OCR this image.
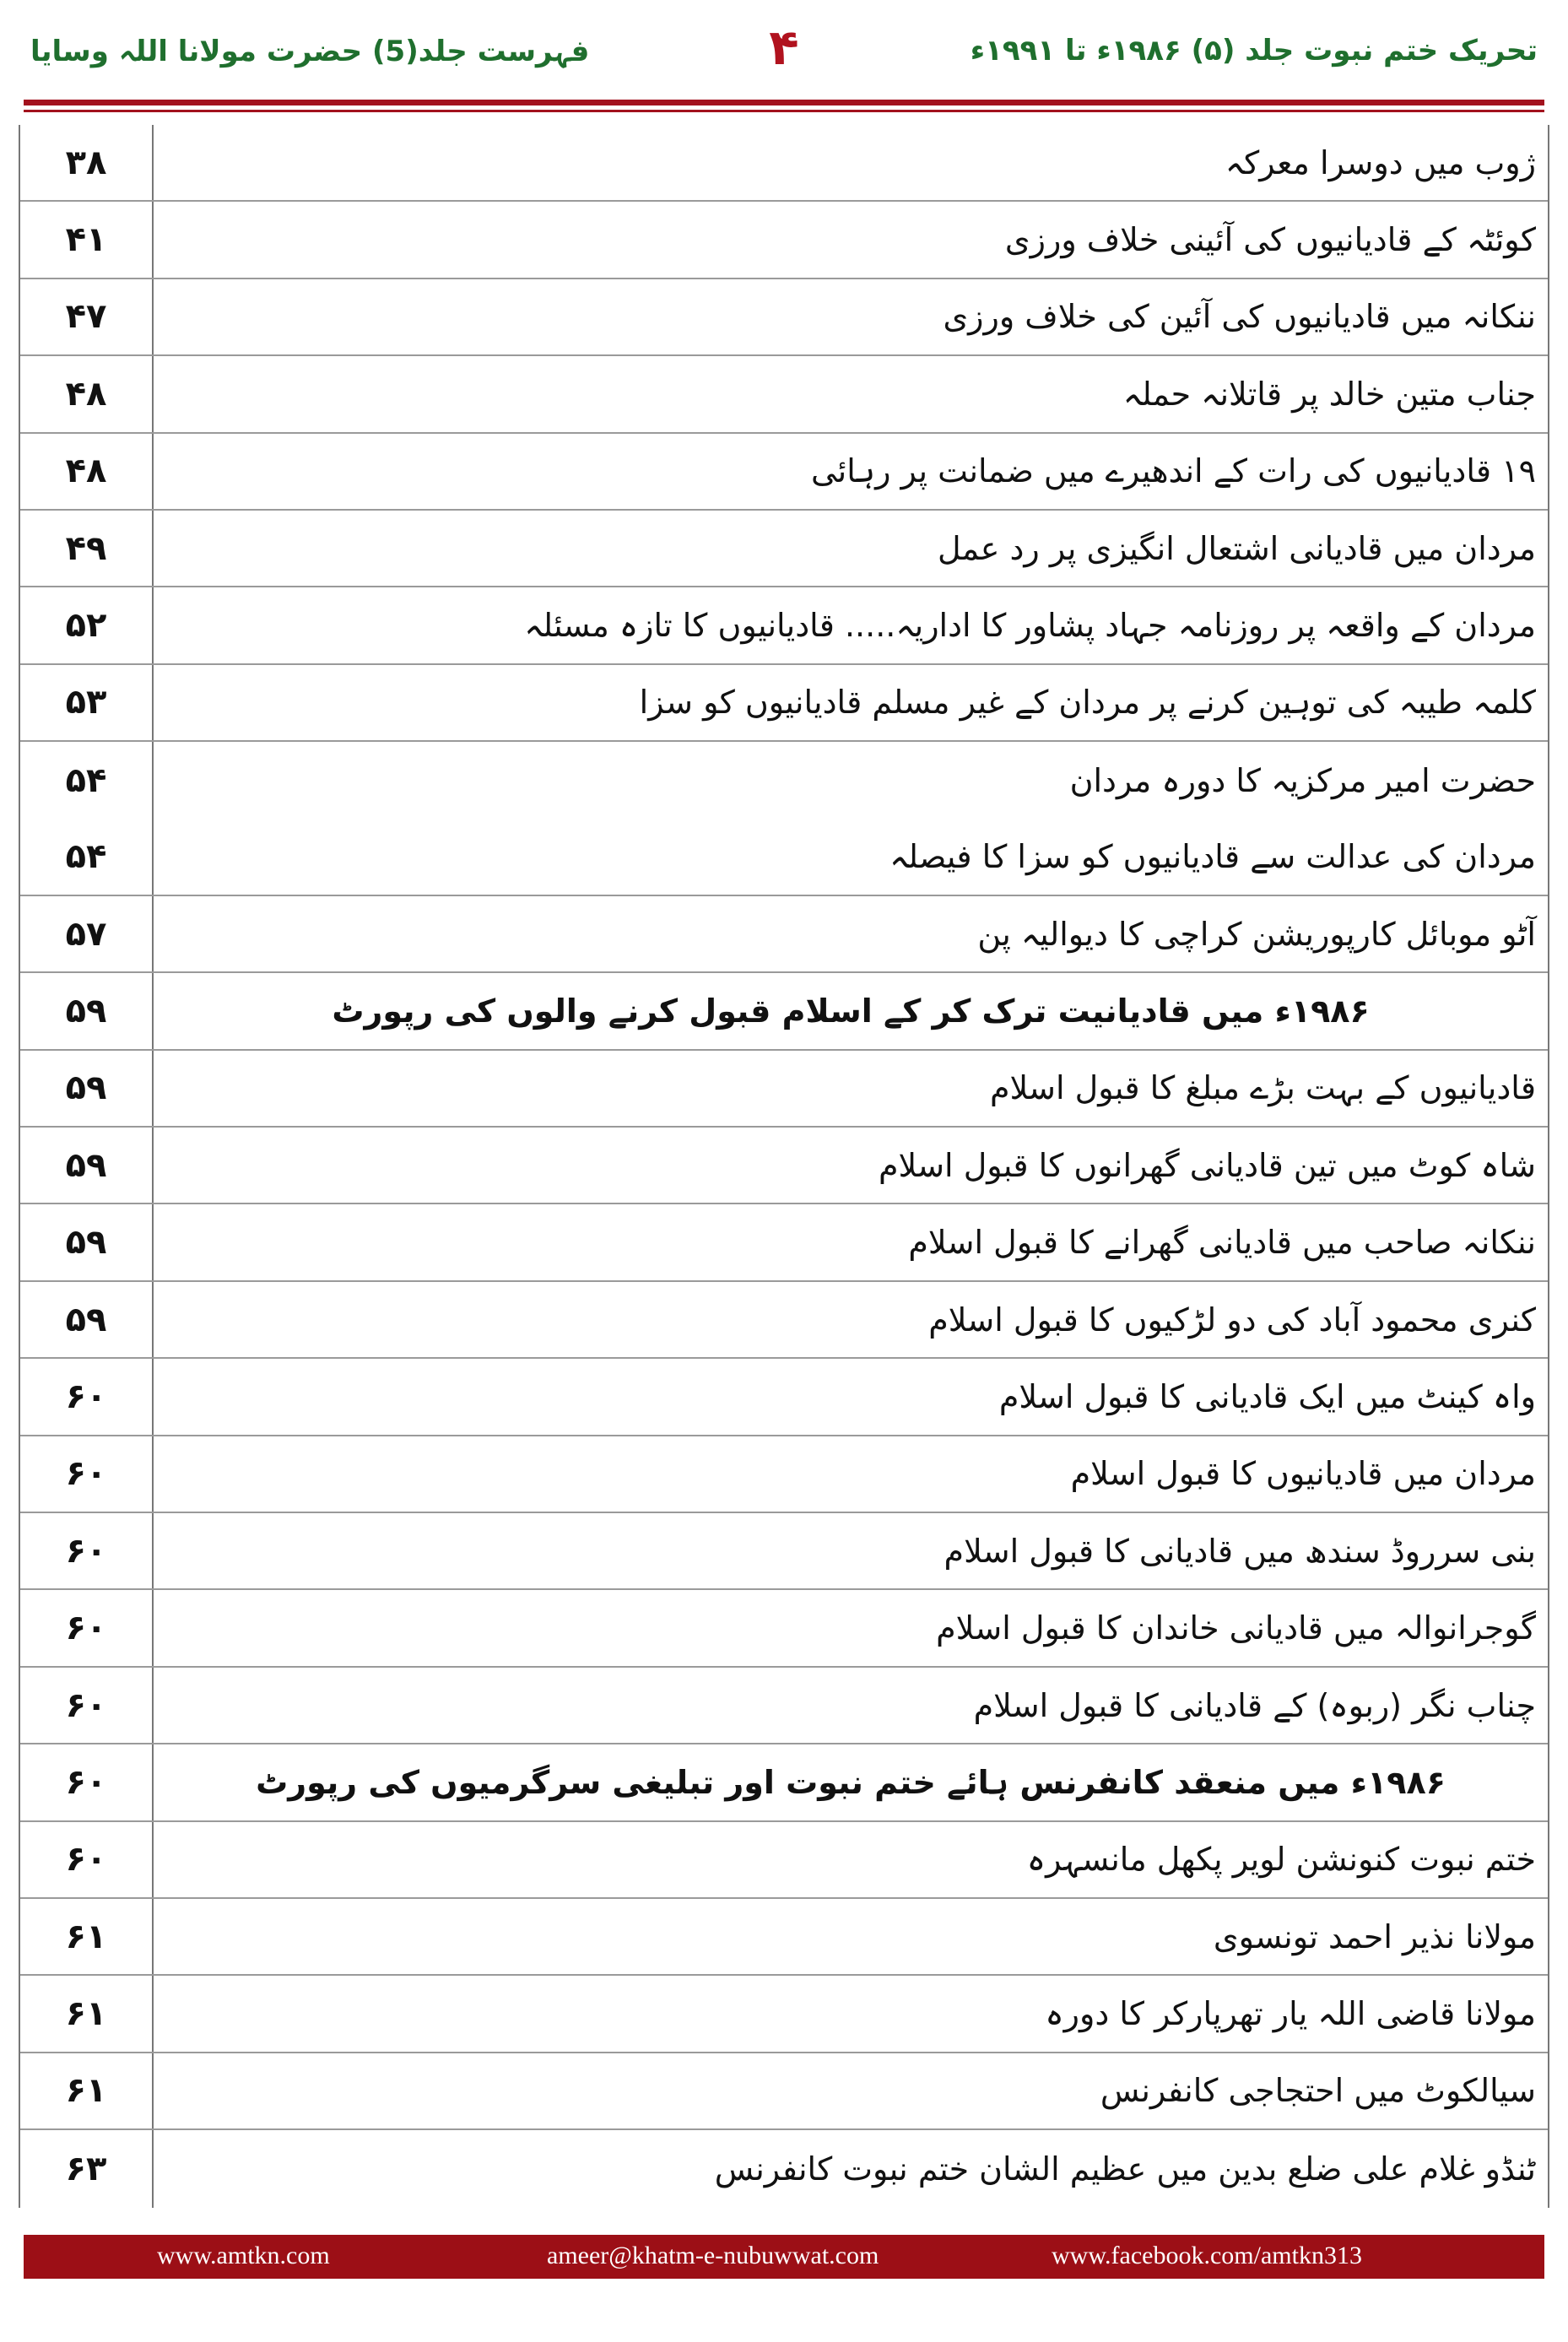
فہرست جلد(5) حضرت مولانا اللہ وسایا	۴	تحریک ختم نبوت جلد (۵) ۱۹۸۶ء تا ۱۹۹۱ء
۳۸	ژوب میں دوسرا معرکہ
۴۱	کوئٹہ کے قادیانیوں کی آئینی خلاف ورزی
۴۷	ننکانہ میں قادیانیوں کی آئین کی خلاف ورزی
۴۸	جناب متین خالد پر قاتلانہ حملہ
۴۸	۱۹ قادیانیوں کی رات کے اندھیرے میں ضمانت پر رہائی
۴۹	مردان میں قادیانی اشتعال انگیزی پر رد عمل
۵۲	مردان کے واقعہ پر روزنامہ جہاد پشاور کا اداریہ..... قادیانیوں کا تازہ مسئلہ
۵۳	کلمہ طیبہ کی توہین کرنے پر مردان کے غیر مسلم قادیانیوں کو سزا
۵۴	حضرت امیر مرکزیہ کا دورہ مردان
۵۴	مردان کی عدالت سے قادیانیوں کو سزا کا فیصلہ
۵۷	آٹو موبائل کارپوریشن کراچی کا دیوالیہ پن
۵۹	۱۹۸۶ء میں قادیانیت ترک کر کے اسلام قبول کرنے والوں کی رپورٹ
۵۹	قادیانیوں کے بہت بڑے مبلغ کا قبول اسلام
۵۹	شاہ کوٹ میں تین قادیانی گھرانوں کا قبول اسلام
۵۹	ننکانہ صاحب میں قادیانی گھرانے کا قبول اسلام
۵۹	کنری محمود آباد کی دو لڑکیوں کا قبول اسلام
۶۰	واہ کینٹ میں ایک قادیانی کا قبول اسلام
۶۰	مردان میں قادیانیوں کا قبول اسلام
۶۰	بنی سرروڈ سندھ میں قادیانی کا قبول اسلام
۶۰	گوجرانوالہ میں قادیانی خاندان کا قبول اسلام
۶۰	چناب نگر (ربوہ) کے قادیانی کا قبول اسلام
۶۰	۱۹۸۶ء میں منعقد کانفرنس ہائے ختم نبوت اور تبلیغی سرگرمیوں کی رپورٹ
۶۰	ختم نبوت کنونشن لویر پکھل مانسہرہ
۶۱	مولانا نذیر احمد تونسوی
۶۱	مولانا قاضی اللہ یار تھرپارکر کا دورہ
۶۱	سیالکوٹ میں احتجاجی کانفرنس
۶۳	ٹنڈو غلام علی ضلع بدین میں عظیم الشان ختم نبوت کانفرنس
www.amtkn.com	ameer@khatm-e-nubuwwat.com	www.facebook.com/amtkn313
